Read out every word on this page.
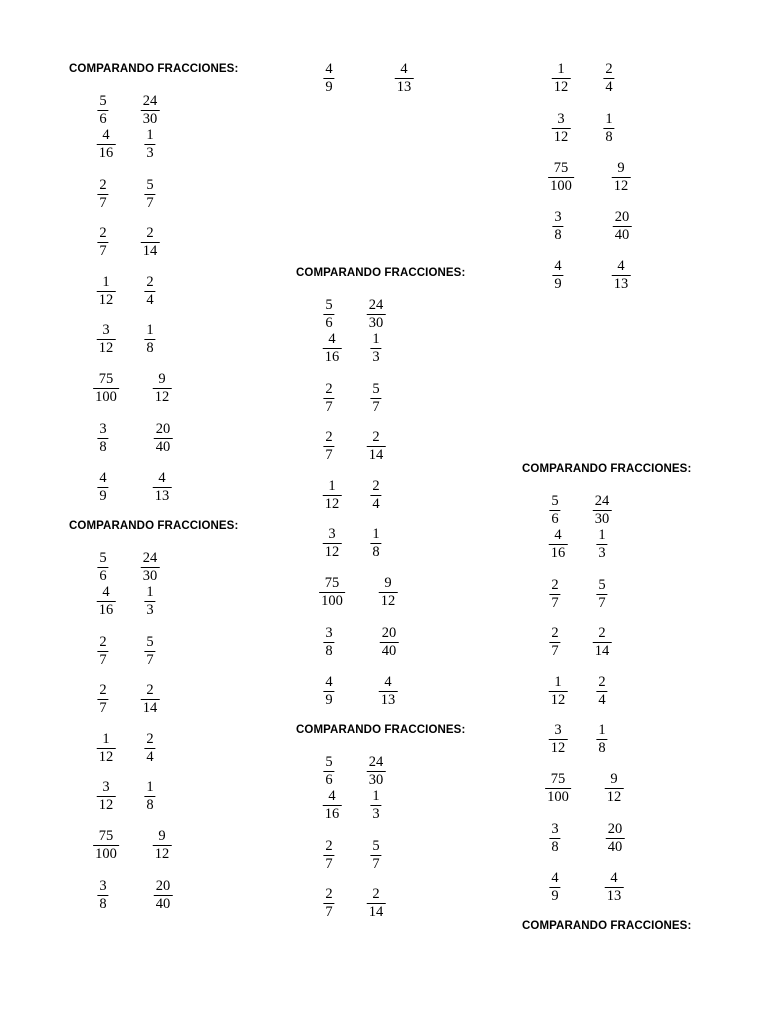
COMPARANDO FRACCIONES:
COMPARANDO FRACCIONES:
COMPARANDO FRACCIONES:
COMPARANDO FRACCIONES:
COMPARANDO FRACCIONES:
COMPARANDO FRACCIONES:
5
6
24
30
4
16
1
3
2
7
5
7
2
7
2
14
1
12
2
4
3
12
1
8
75
100
9
12
3
8
20
40
4
9
4
13
5
6
24
30
4
16
1
3
2
7
5
7
2
7
2
14
1
12
2
4
3
12
1
8
75
100
9
12
3
8
20
40
4
9
4
13
5
6
24
30
4
16
1
3
2
7
5
7
2
7
2
14
1
12
2
4
3
12
1
8
75
100
9
12
3
8
20
40
4
9
4
13
5
6
24
30
4
16
1
3
2
7
5
7
2
7
2
14
1
12
2
4
3
12
1
8
75
100
9
12
3
8
20
40
4
9
4
13
5
6
24
30
4
16
1
3
2
7
5
7
2
7
2
14
1
12
2
4
3
12
1
8
75
100
9
12
3
8
20
40
4
9
4
13
